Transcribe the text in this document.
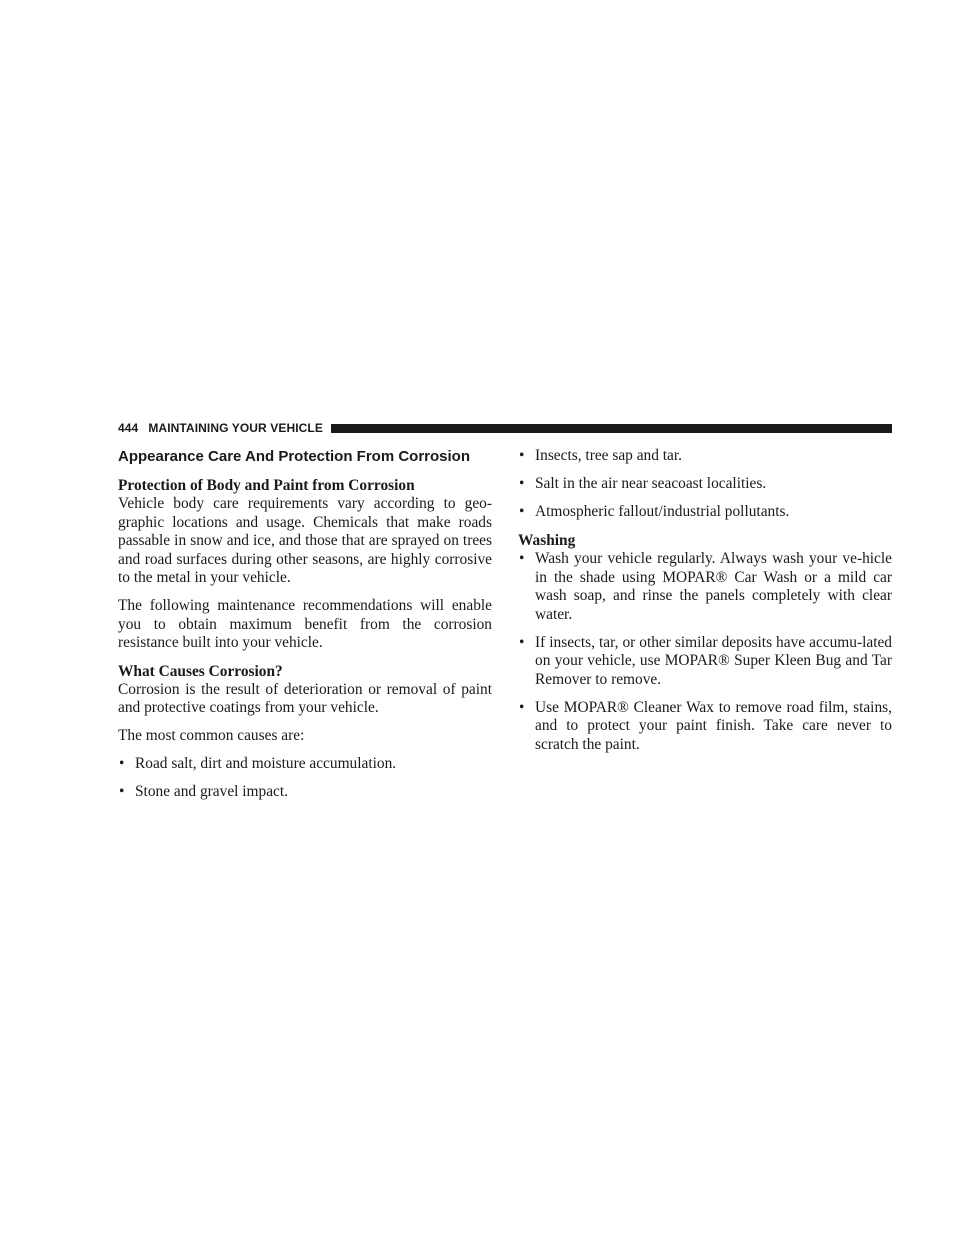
444 MAINTAINING YOUR VEHICLE
Appearance Care And Protection From Corrosion
Protection of Body and Paint from Corrosion

Vehicle body care requirements vary according to geo-graphic locations and usage. Chemicals that make roads passable in snow and ice, and those that are sprayed on trees and road surfaces during other seasons, are highly corrosive to the metal in your vehicle.

The following maintenance recommendations will enable you to obtain maximum benefit from the corrosion resistance built into your vehicle.

What Causes Corrosion?

Corrosion is the result of deterioration or removal of paint and protective coatings from your vehicle.

The most common causes are:

• Road salt, dirt and moisture accumulation.
• Stone and gravel impact.
• Insects, tree sap and tar.
• Salt in the air near seacoast localities.
• Atmospheric fallout/industrial pollutants.
Washing
• Wash your vehicle regularly. Always wash your ve-hicle in the shade using MOPAR® Car Wash or a mild car wash soap, and rinse the panels completely with clear water.
• If insects, tar, or other similar deposits have accumu-lated on your vehicle, use MOPAR® Super Kleen Bug and Tar Remover to remove.
• Use MOPAR® Cleaner Wax to remove road film, stains, and to protect your paint finish. Take care never to scratch the paint.
